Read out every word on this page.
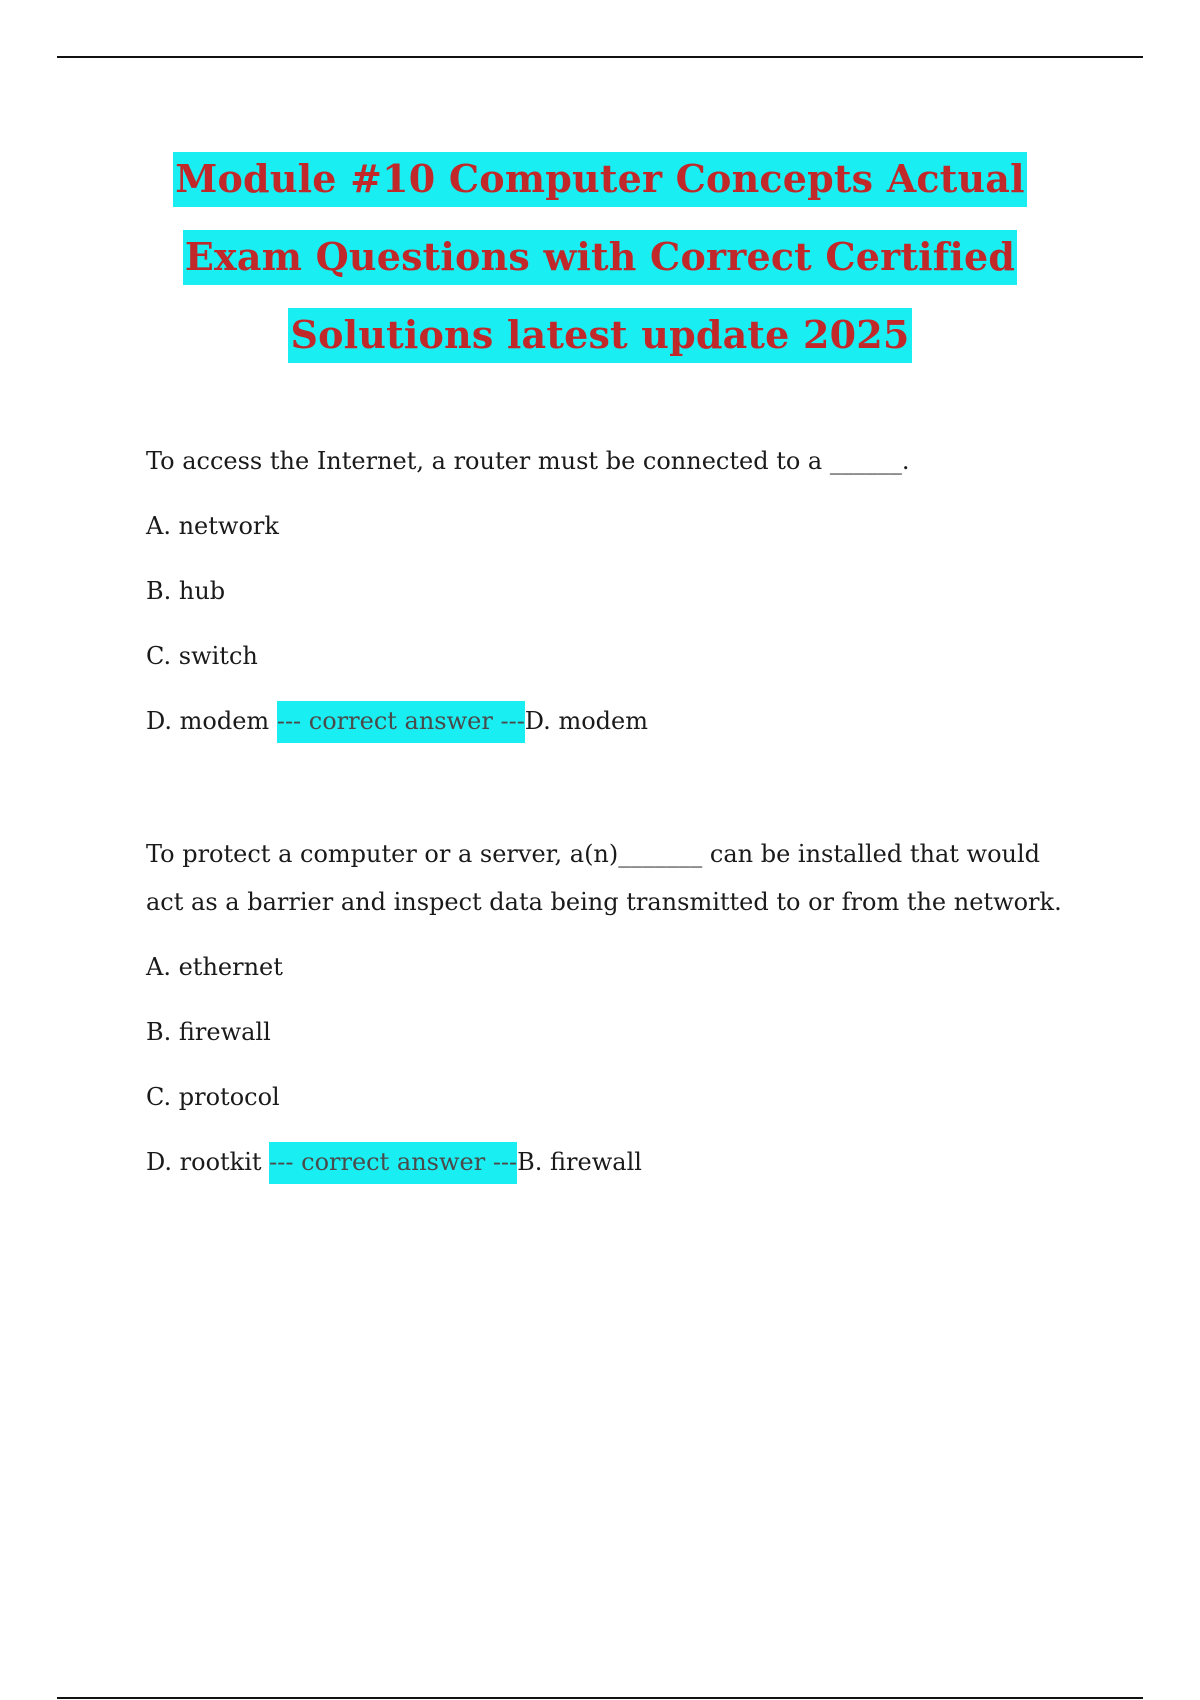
Module #10 Computer Concepts Actual
Exam Questions with Correct Certified
Solutions latest update 2025

To access the Internet, a router must be connected to a ______.

A. network
B. hub
C. switch
D. modem --- correct answer ---D. modem

To protect a computer or a server, a(n)_______ can be installed that would act as a barrier and inspect data being transmitted to or from the network.

A. ethernet
B. firewall
C. protocol
D. rootkit --- correct answer ---B. firewall
